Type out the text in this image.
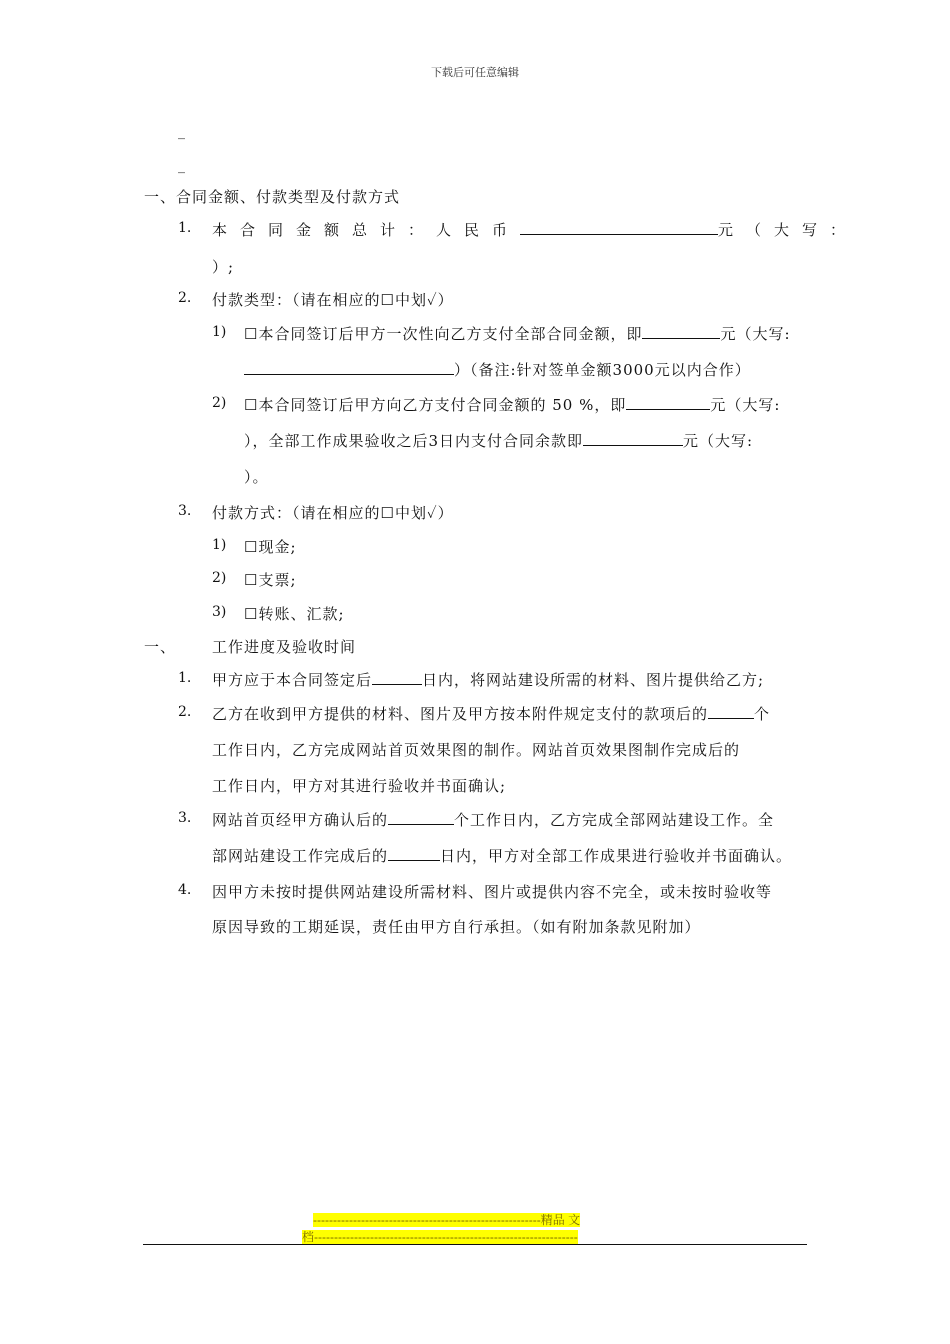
下载后可任意编辑
_
_
一、合同金额、付款类型及付款方式
1. 本合同金额总计：人民币	元（大写：
）;
2. 付款类型：（请在相应的☐中划✓）
1) ☐本合同签订后甲方一次性向乙方支付全部合同金额，即	元（大写:
）（备注:针对签单金额3000元以内合作）
2) ☐本合同签订后甲方向乙方支付合同金额的 50 %，即	元（大写:
），全部工作成果验收之后3日内支付合同余款即	元（大写:
）。
3. 付款方式：（请在相应的☐中划✓）
1) ☐现金;
2) ☐支票;
3) ☐转账、汇款;
一、 工作进度及验收时间
1. 甲方应于本合同签定后	日内，将网站建设所需的材料、图片提供给乙方;
2. 乙方在收到甲方提供的材料、图片及甲方按本附件规定支付的款项后的	个
工作日内，乙方完成网站首页效果图的制作。网站首页效果图制作完成后的
工作日内，甲方对其进行验收并书面确认;
3. 网站首页经甲方确认后的	个工作日内，乙方完成全部网站建设工作。全
部网站建设工作完成后的	日内，甲方对全部工作成果进行验收并书面确认。
4. 因甲方未按时提供网站建设所需材料、图片或提供内容不完全，或未按时验收等
原因导致的工期延误，责任由甲方自行承担。（如有附加条款见附加）
---------------------------------------------------------精品 文
档------------------------------------------------------------------
